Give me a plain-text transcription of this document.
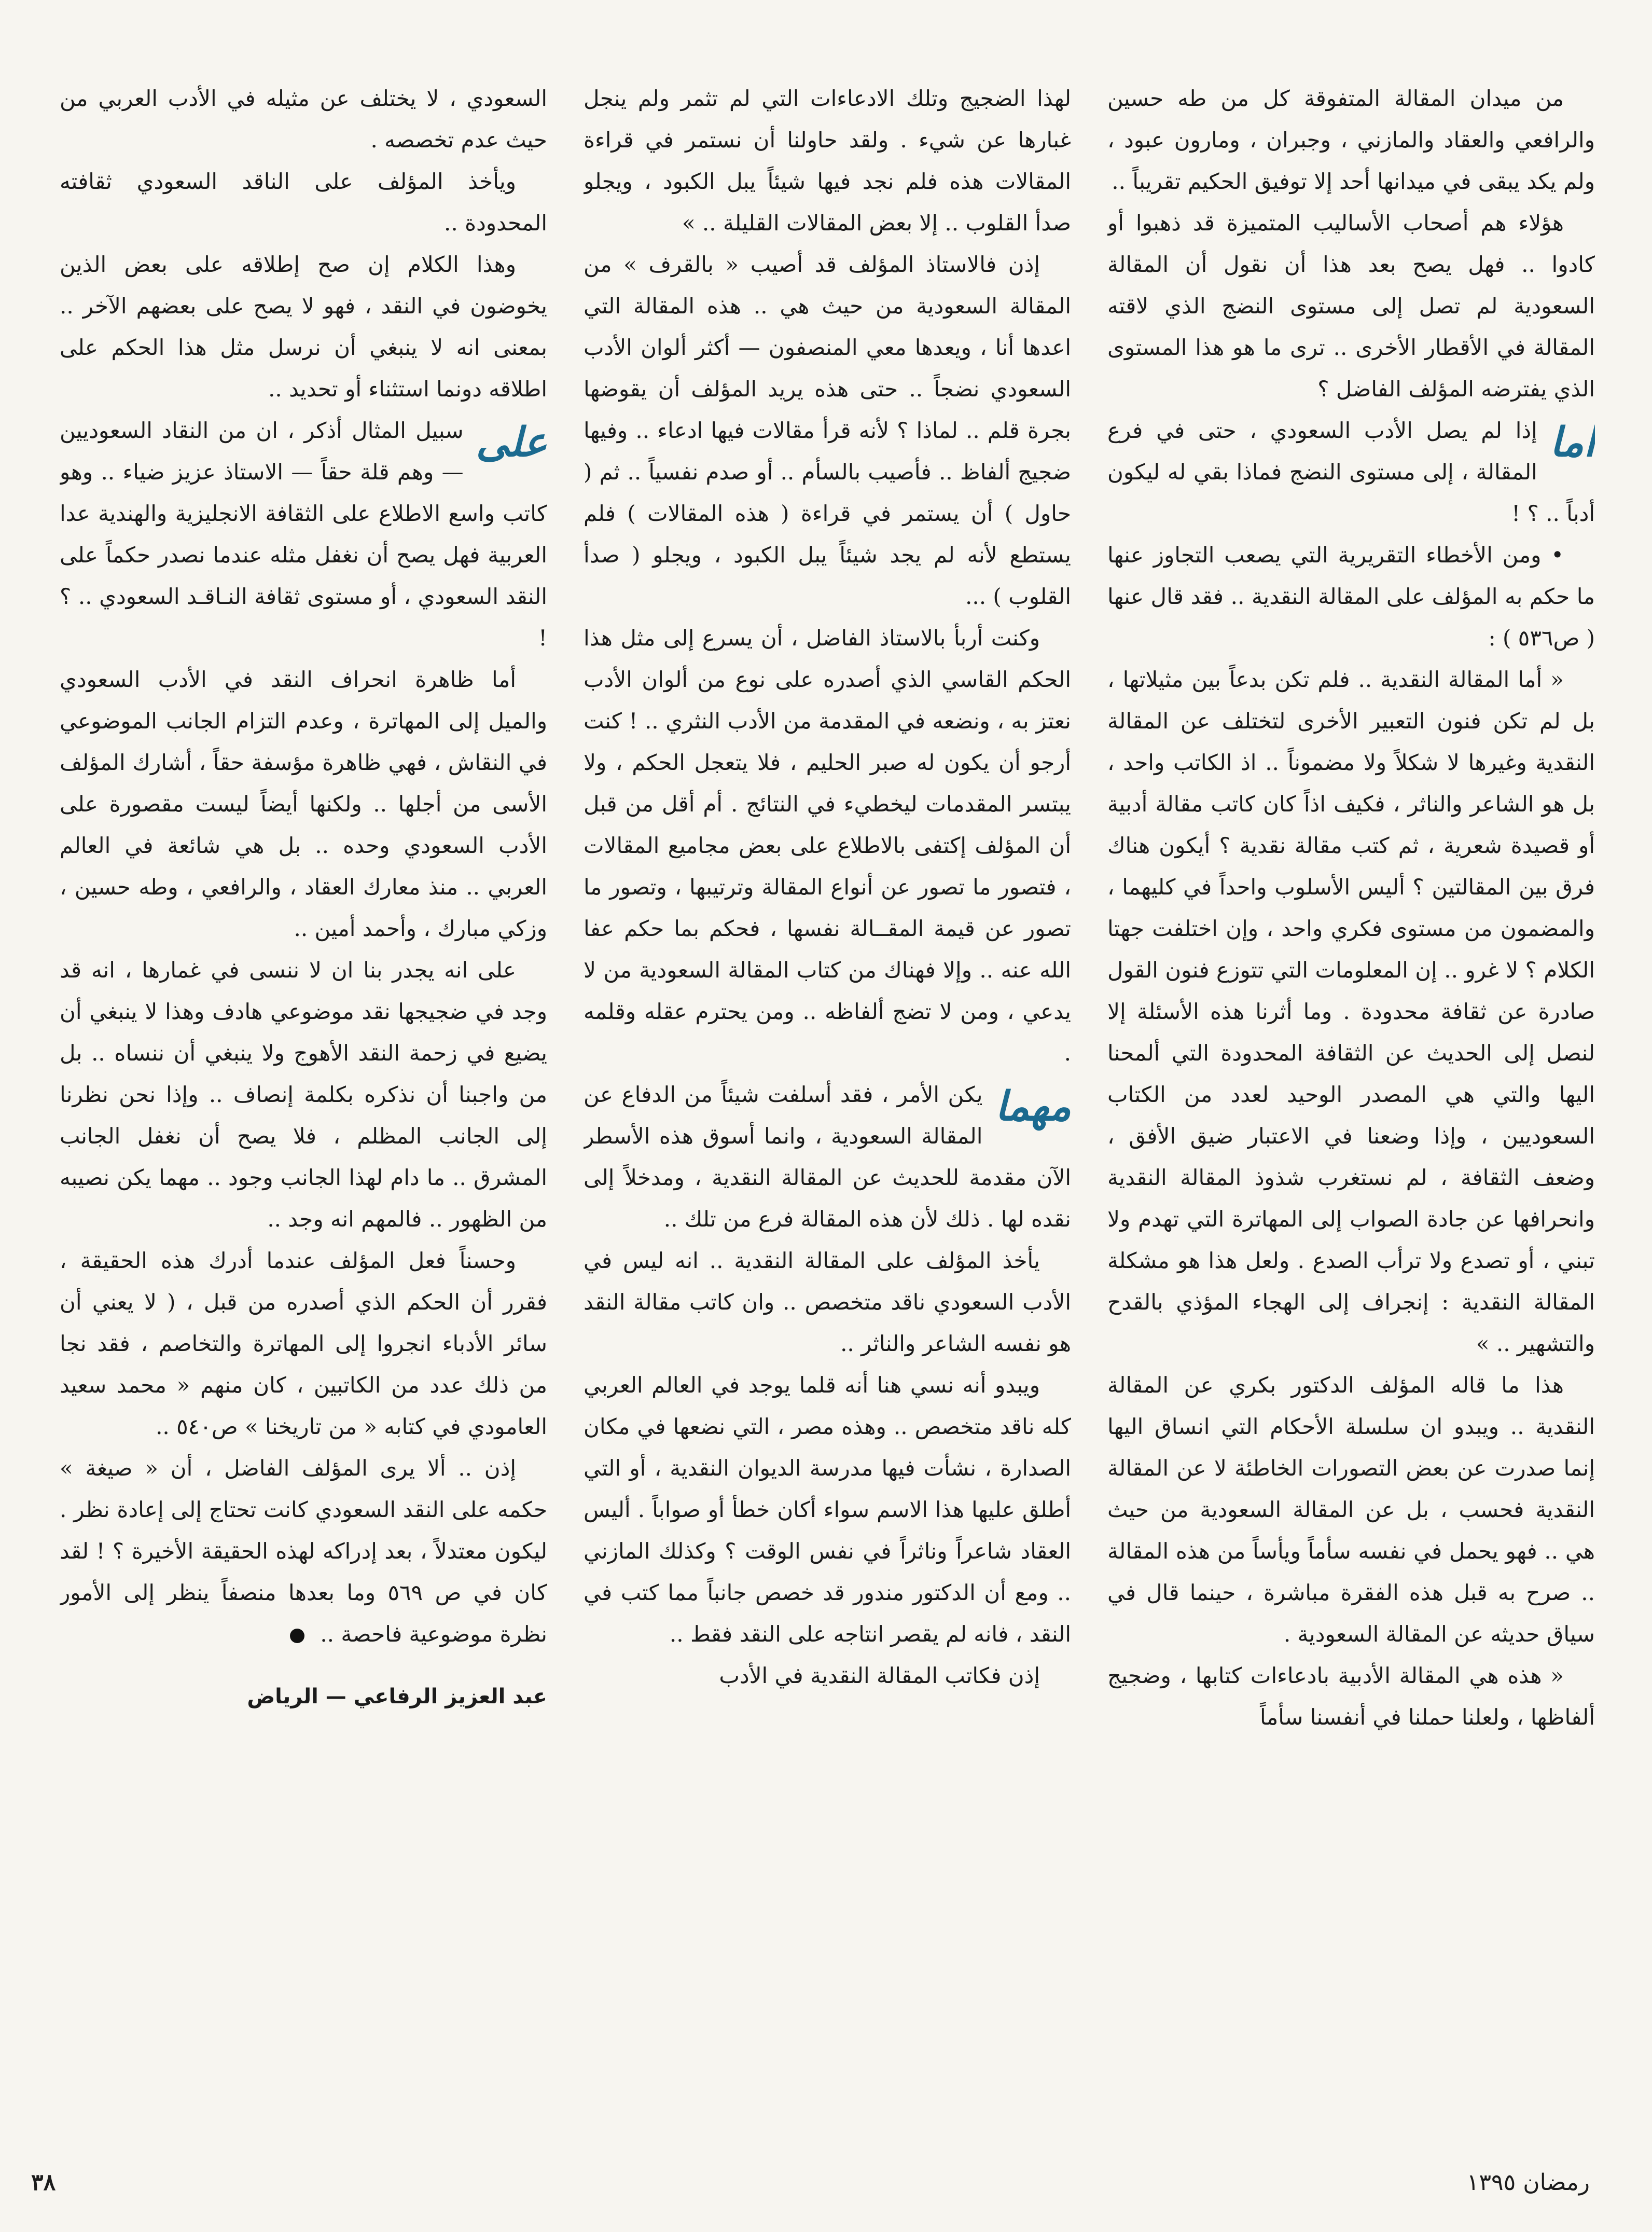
من ميدان المقالة المتفوقة كل من طه حسين والرافعي والعقاد والمازني ، وجبران ، ومارون عبود ، ولم يكد يبقى في ميدانها أحد إلا توفيق الحكيم تقريباً ..

هؤلاء هم أصحاب الأساليب المتميزة قد ذهبوا أو كادوا .. فهل يصح بعد هذا أن نقول أن المقالة السعودية لم تصل إلى مستوى النضج الذي لاقته المقالة في الأقطار الأخرى .. ترى ما هو هذا المستوى الذي يفترضه المؤلف الفاضل ؟

اما
إذا لم يصل الأدب السعودي ، حتى في فرع المقالة ، إلى مستوى النضج فماذا بقي له ليكون أدباً .. ؟ !

• ومن الأخطاء التقريرية التي يصعب التجاوز عنها ما حكم به المؤلف على المقالة النقدية .. فقد قال عنها ( ص٥٣٦ ) :

« أما المقالة النقدية .. فلم تكن بدعاً بين مثيلاتها ، بل لم تكن فنون التعبير الأخرى لتختلف عن المقالة النقدية وغيرها لا شكلاً ولا مضموناً .. اذ الكاتب واحد ، بل هو الشاعر والناثر ، فكيف اذاً كان كاتب مقالة أدبية أو قصيدة شعرية ، ثم كتب مقالة نقدية ؟ أيكون هناك فرق بين المقالتين ؟ أليس الأسلوب واحداً في كليهما ، والمضمون من مستوى فكري واحد ، وإن اختلفت جهتا الكلام ؟ لا غرو .. إن المعلومات التي تتوزع فنون القول صادرة عن ثقافة محدودة . وما أثرنا هذه الأسئلة إلا لنصل إلى الحديث عن الثقافة المحدودة التي ألمحنا اليها والتي هي المصدر الوحيد لعدد من الكتاب السعوديين ، وإذا وضعنا في الاعتبار ضيق الأفق ، وضعف الثقافة ، لم نستغرب شذوذ المقالة النقدية وانحرافها عن جادة الصواب إلى المهاترة التي تهدم ولا تبني ، أو تصدع ولا ترأب الصدع . ولعل هذا هو مشكلة المقالة النقدية : إنجراف إلى الهجاء المؤذي بالقدح والتشهير .. »

هذا ما قاله المؤلف الدكتور بكري عن المقالة النقدية .. ويبدو ان سلسلة الأحكام التي انساق اليها إنما صدرت عن بعض التصورات الخاطئة لا عن المقالة النقدية فحسب ، بل عن المقالة السعودية من حيث هي .. فهو يحمل في نفسه سأماً ويأساً من هذه المقالة .. صرح به قبل هذه الفقرة مباشرة ، حينما قال في سياق حديثه عن المقالة السعودية .

« هذه هي المقالة الأدبية بادعاءات كتابها ، وضجيج ألفاظها ، ولعلنا حملنا في أنفسنا سأماً

لهذا الضجيج وتلك الادعاءات التي لم تثمر ولم ينجل غبارها عن شيء . ولقد حاولنا أن نستمر في قراءة المقالات هذه فلم نجد فيها شيئاً يبل الكبود ، ويجلو صدأ القلوب .. إلا بعض المقالات القليلة .. »

إذن فالاستاذ المؤلف قد أصيب « بالقرف » من المقالة السعودية من حيث هي .. هذه المقالة التي اعدها أنا ، ويعدها معي المنصفون — أكثر ألوان الأدب السعودي نضجاً .. حتى هذه يريد المؤلف أن يقوضها بجرة قلم .. لماذا ؟ لأنه قرأ مقالات فيها ادعاء .. وفيها ضجيج ألفاظ .. فأصيب بالسأم .. أو صدم نفسياً .. ثم ( حاول ) أن يستمر في قراءة ( هذه المقالات ) فلم يستطع لأنه لم يجد شيئاً يبل الكبود ، ويجلو ( صدأ القلوب ) ...

وكنت أربأ بالاستاذ الفاضل ، أن يسرع إلى مثل هذا الحكم القاسي الذي أصدره على نوع من ألوان الأدب نعتز به ، ونضعه في المقدمة من الأدب النثري .. ! كنت أرجو أن يكون له صبر الحليم ، فلا يتعجل الحكم ، ولا يبتسر المقدمات ليخطيء في النتائج . أم أقل من قبل أن المؤلف إكتفى بالاطلاع على بعض مجاميع المقالات ، فتصور ما تصور عن أنواع المقالة وترتيبها ، وتصور ما تصور عن قيمة المقــالة نفسها ، فحكم بما حكم عفا الله عنه .. وإلا فهناك من كتاب المقالة السعودية من لا يدعي ، ومن لا تضج ألفاظه .. ومن يحترم عقله وقلمه .

مهما
يكن الأمر ، فقد أسلفت شيئاً من الدفاع عن المقالة السعودية ، وانما أسوق هذه الأسطر الآن مقدمة للحديث عن المقالة النقدية ، ومدخلاً إلى نقده لها . ذلك لأن هذه المقالة فرع من تلك ..

يأخذ المؤلف على المقالة النقدية .. انه ليس في الأدب السعودي ناقد متخصص .. وان كاتب مقالة النقد هو نفسه الشاعر والناثر ..

ويبدو أنه نسي هنا أنه قلما يوجد في العالم العربي كله ناقد متخصص .. وهذه مصر ، التي نضعها في مكان الصدارة ، نشأت فيها مدرسة الديوان النقدية ، أو التي أطلق عليها هذا الاسم سواء أكان خطأ أو صواباً . أليس العقاد شاعراً وناثراً في نفس الوقت ؟ وكذلك المازني .. ومع أن الدكتور مندور قد خصص جانباً مما كتب في النقد ، فانه لم يقصر انتاجه على النقد فقط ..

إذن فكاتب المقالة النقدية في الأدب

السعودي ، لا يختلف عن مثيله في الأدب العربي من حيث عدم تخصصه .

ويأخذ المؤلف على الناقد السعودي ثقافته المحدودة ..

وهذا الكلام إن صح إطلاقه على بعض الذين يخوضون في النقد ، فهو لا يصح على بعضهم الآخر .. بمعنى انه لا ينبغي أن نرسل مثل هذا الحكم على اطلاقه دونما استثناء أو تحديد ..

على
سبيل المثال أذكر ، ان من النقاد السعوديين — وهم قلة حقاً — الاستاذ عزيز ضياء .. وهو كاتب واسع الاطلاع على الثقافة الانجليزية والهندية عدا العربية فهل يصح أن نغفل مثله عندما نصدر حكماً على النقد السعودي ، أو مستوى ثقافة النـاقـد السعودي .. ؟ !

أما ظاهرة انحراف النقد في الأدب السعودي والميل إلى المهاترة ، وعدم التزام الجانب الموضوعي في النقاش ، فهي ظاهرة مؤسفة حقاً ، أشارك المؤلف الأسى من أجلها .. ولكنها أيضاً ليست مقصورة على الأدب السعودي وحده .. بل هي شائعة في العالم العربي .. منذ معارك العقاد ، والرافعي ، وطه حسين ، وزكي مبارك ، وأحمد أمين ..

على انه يجدر بنا ان لا ننسى في غمارها ، انه قد وجد في ضجيجها نقد موضوعي هادف وهذا لا ينبغي أن يضيع في زحمة النقد الأهوج ولا ينبغي أن ننساه .. بل من واجبنا أن نذكره بكلمة إنصاف .. وإذا نحن نظرنا إلى الجانب المظلم ، فلا يصح أن نغفل الجانب المشرق .. ما دام لهذا الجانب وجود .. مهما يكن نصيبه من الظهور .. فالمهم انه وجد ..

وحسناً فعل المؤلف عندما أدرك هذه الحقيقة ، فقرر أن الحكم الذي أصدره من قبل ، ( لا يعني أن سائر الأدباء انجروا إلى المهاترة والتخاصم ، فقد نجا من ذلك عدد من الكاتبين ، كان منهم « محمد سعيد العامودي في كتابه « من تاريخنا » ص٥٤٠ ..

إذن .. ألا يرى المؤلف الفاضل ، أن « صيغة » حكمه على النقد السعودي كانت تحتاج إلى إعادة نظر . ليكون معتدلاً ، بعد إدراكه لهذه الحقيقة الأخيرة ؟ ! لقد كان في ص ٥٦٩ وما بعدها منصفاً ينظر إلى الأمور نظرة موضوعية فاحصة ..

عبد العزيز الرفاعي — الرياض
رمضان ١٣٩٥
٣٨
